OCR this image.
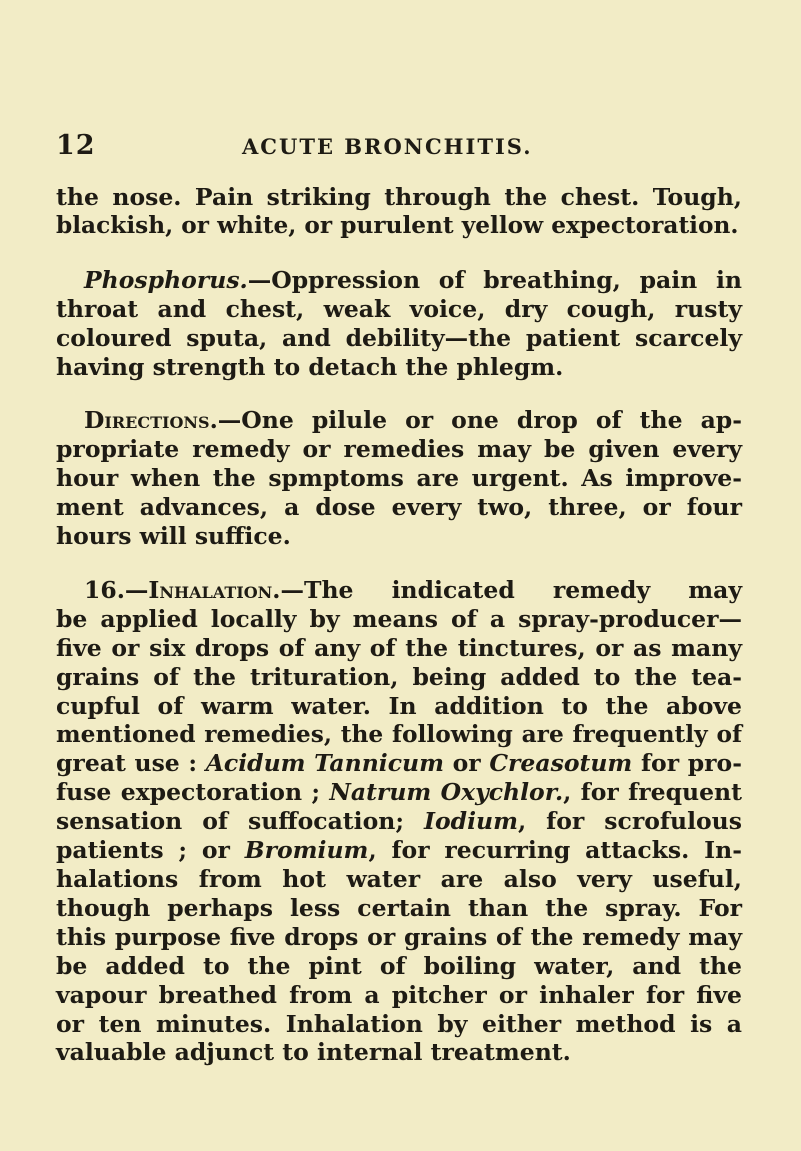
12	ACUTE BRONCHITIS.
the nose. Pain striking through the chest. Tough,
blackish, or white, or purulent yellow expectoration.
Phosphorus.—Oppression of breathing, pain in
throat and chest, weak voice, dry cough, rusty
coloured sputa, and debility—the patient scarcely
having strength to detach the phlegm.
Directions.—One pilule or one drop of the ap-
propriate remedy or remedies may be given every
hour when the spmptoms are urgent. As improve-
ment advances, a dose every two, three, or four
hours will suffice.
16.—Inhalation.—The indicated remedy may
be applied locally by means of a spray-producer—
five or six drops of any of the tinctures, or as many
grains of the trituration, being added to the tea-
cupful of warm water. In addition to the above
mentioned remedies, the following are frequently of
great use : Acidum Tannicum or Creasotum for pro-
fuse expectoration ; Natrum Oxychlor., for frequent
sensation of suffocation; Iodium, for scrofulous
patients ; or Bromium, for recurring attacks. In-
halations from hot water are also very useful,
though perhaps less certain than the spray. For
this purpose five drops or grains of the remedy may
be added to the pint of boiling water, and the
vapour breathed from a pitcher or inhaler for five
or ten minutes. Inhalation by either method is a
valuable adjunct to internal treatment.
